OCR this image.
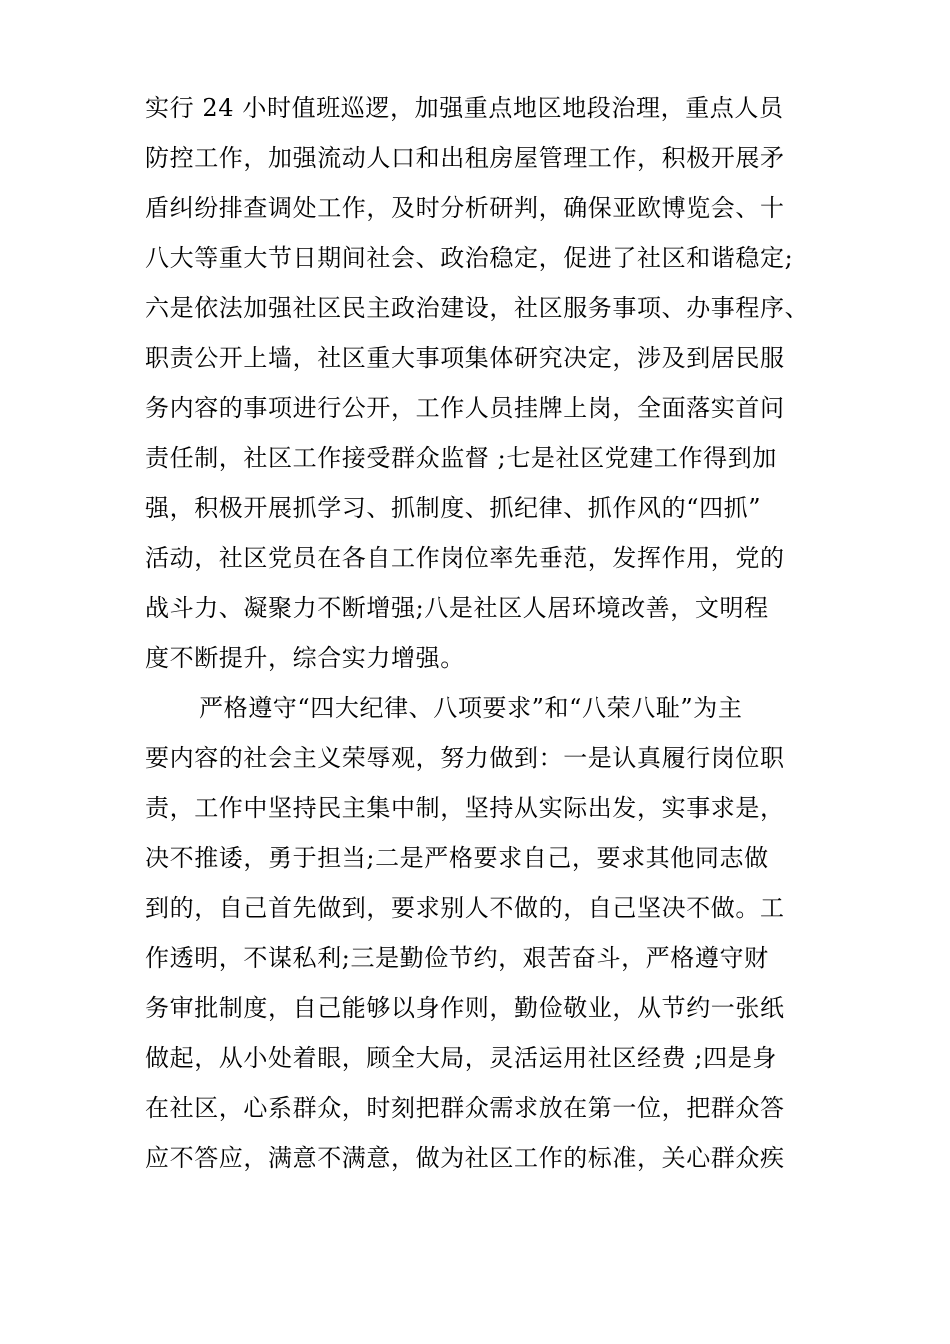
实行 24 小时值班巡逻，加强重点地区地段治理，重点人员
防控工作，加强流动人口和出租房屋管理工作，积极开展矛
盾纠纷排查调处工作，及时分析研判，确保亚欧博览会、十
八大等重大节日期间社会、政治稳定，促进了社区和谐稳定;
六是依法加强社区民主政治建设，社区服务事项、办事程序、
职责公开上墙，社区重大事项集体研究决定，涉及到居民服
务内容的事项进行公开，工作人员挂牌上岗，全面落实首问
责任制，社区工作接受群众监督 ;七是社区党建工作得到加
强，积极开展抓学习、抓制度、抓纪律、抓作风的“四抓”
活动，社区党员在各自工作岗位率先垂范，发挥作用，党的
战斗力、凝聚力不断增强;八是社区人居环境改善，文明程
度不断提升，综合实力增强。
严格遵守“四大纪律、八项要求”和“八荣八耻”为主
要内容的社会主义荣辱观，努力做到：一是认真履行岗位职
责，工作中坚持民主集中制，坚持从实际出发，实事求是，
决不推诿，勇于担当;二是严格要求自己，要求其他同志做
到的，自己首先做到，要求别人不做的，自己坚决不做。工
作透明，不谋私利;三是勤俭节约，艰苦奋斗，严格遵守财
务审批制度，自己能够以身作则，勤俭敬业，从节约一张纸
做起，从小处着眼，顾全大局，灵活运用社区经费 ;四是身
在社区，心系群众，时刻把群众需求放在第一位，把群众答
应不答应，满意不满意，做为社区工作的标准，关心群众疾
